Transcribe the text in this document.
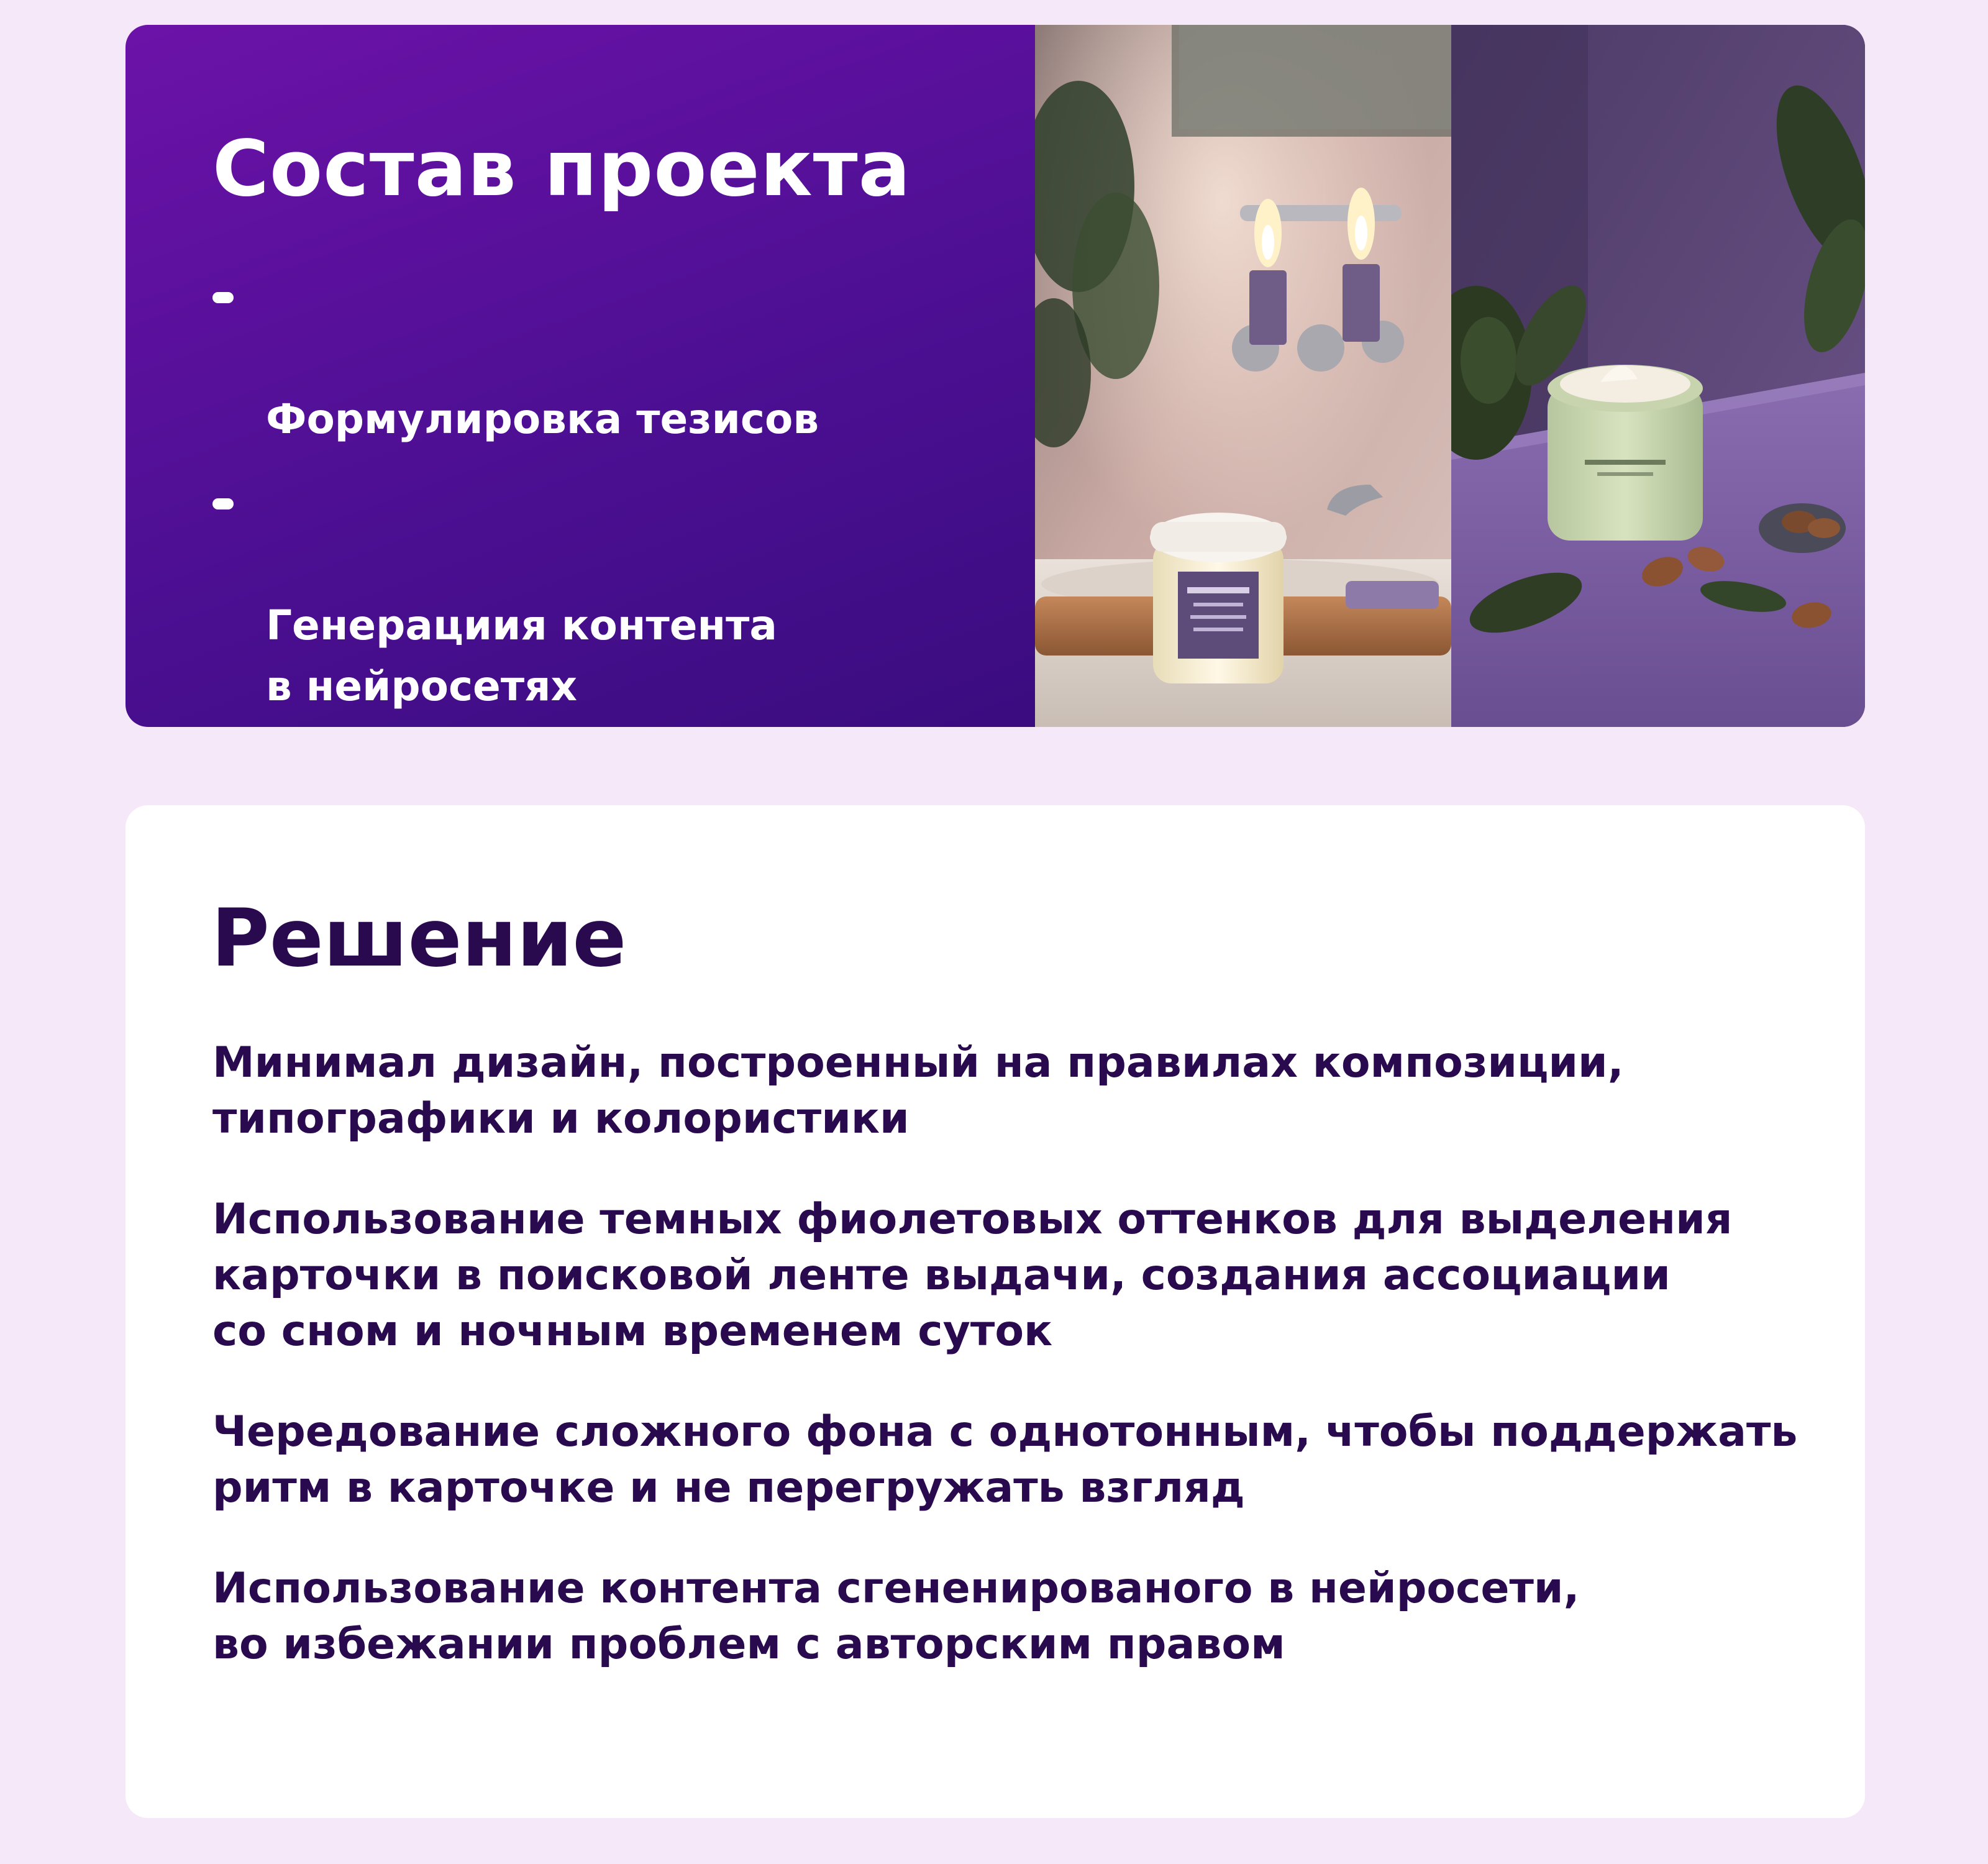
Состав проекта

Формулировка тезисов

Генерациия контента
в нейросетях

Решение

Минимал дизайн, построенный на правилах композиции,
типографики и колористики

Использование темных фиолетовых оттенков для выделения
карточки в поисковой ленте выдачи, создания ассоциации
со сном и ночным временем суток

Чередование сложного фона с однотонным, чтобы поддержать
ритм в карточке и не перегружать взгляд

Использование контента сгененированого в нейросети,
во избежании проблем с авторским правом
